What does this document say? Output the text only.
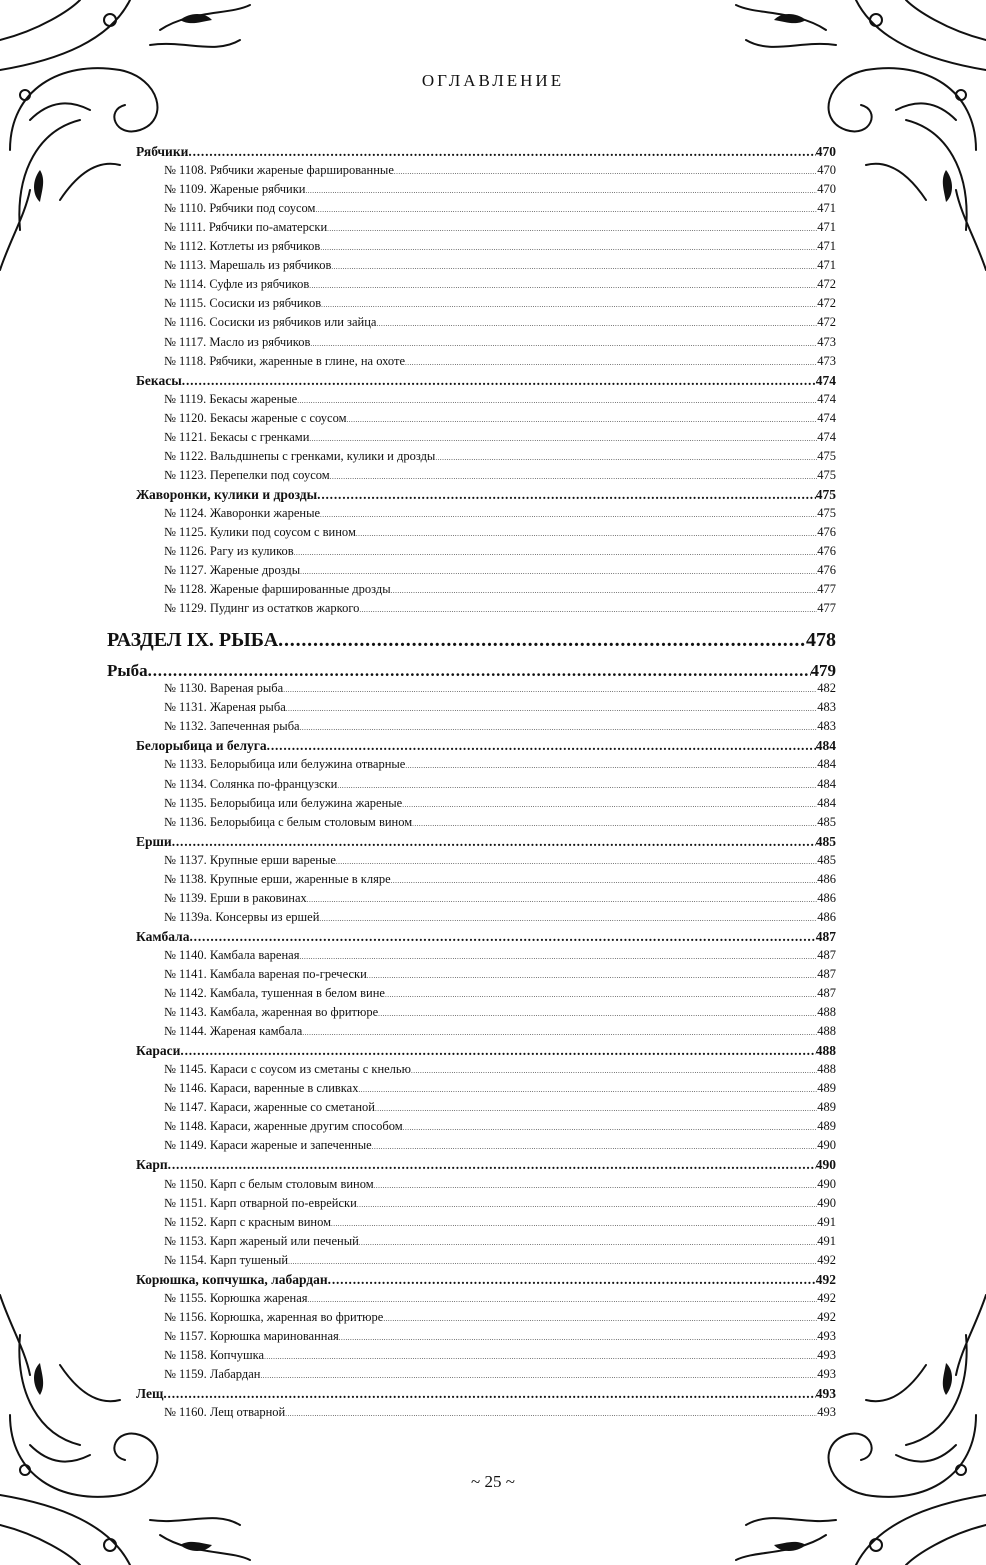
ОГЛАВЛЕНИЕ
Рябчики .....	470
№ 1108. Рябчики жареные фаршированные .....	470
№ 1109. Жареные рябчики .....	470
№ 1110. Рябчики под соусом .....	471
№ 1111. Рябчики по-аматерски .....	471
№ 1112. Котлеты из рябчиков .....	471
№ 1113. Марешаль из рябчиков .....	471
№ 1114. Суфле из рябчиков .....	472
№ 1115. Сосиски из рябчиков .....	472
№ 1116. Сосиски из рябчиков или зайца .....	472
№ 1117. Масло из рябчиков .....	473
№ 1118. Рябчики, жаренные в глине, на охоте .....	473
Бекасы .....	474
№ 1119. Бекасы жареные .....	474
№ 1120. Бекасы жареные с соусом .....	474
№ 1121. Бекасы с гренками .....	474
№ 1122. Вальдшнепы с гренками, кулики и дрозды .....	475
№ 1123. Перепелки под соусом .....	475
Жаворонки, кулики и дрозды .....	475
№ 1124. Жаворонки жареные .....	475
№ 1125. Кулики под соусом с вином .....	476
№ 1126. Рагу из куликов .....	476
№ 1127. Жареные дрозды .....	476
№ 1128. Жареные фаршированные дрозды .....	477
№ 1129. Пудинг из остатков жаркого .....	477
РАЗДЕЛ IX. РЫБА .....	478
Рыба .....	479
№ 1130. Вареная рыба .....	482
№ 1131. Жареная рыба .....	483
№ 1132. Запеченная рыба .....	483
Белорыбица и белуга .....	484
№ 1133. Белорыбица или белужина отварные .....	484
№ 1134. Солянка по-французски .....	484
№ 1135. Белорыбица или белужина жареные .....	484
№ 1136. Белорыбица с белым столовым вином .....	485
Ерши .....	485
№ 1137. Крупные ерши вареные .....	485
№ 1138. Крупные ерши, жаренные в кляре .....	486
№ 1139. Ерши в раковинах .....	486
№ 1139а. Консервы из ершей .....	486
Камбала .....	487
№ 1140. Камбала вареная .....	487
№ 1141. Камбала вареная по-гречески .....	487
№ 1142. Камбала, тушенная в белом вине .....	487
№ 1143. Камбала, жаренная во фритюре .....	488
№ 1144. Жареная камбала .....	488
Караси .....	488
№ 1145. Караси с соусом из сметаны с кнелью .....	488
№ 1146. Караси, варенные в сливках .....	489
№ 1147. Караси, жаренные со сметаной .....	489
№ 1148. Караси, жаренные другим способом .....	489
№ 1149. Караси жареные и запеченные .....	490
Карп .....	490
№ 1150. Карп с белым столовым вином .....	490
№ 1151. Карп отварной по-еврейски .....	490
№ 1152. Карп с красным вином .....	491
№ 1153. Карп жареный или печеный .....	491
№ 1154. Карп тушеный .....	492
Корюшка, копчушка, лабардан .....	492
№ 1155. Корюшка жареная .....	492
№ 1156. Корюшка, жаренная во фритюре .....	492
№ 1157. Корюшка маринованная .....	493
№ 1158. Копчушка .....	493
№ 1159. Лабардан .....	493
Лещ .....	493
№ 1160. Лещ отварной .....	493
~ 25 ~
